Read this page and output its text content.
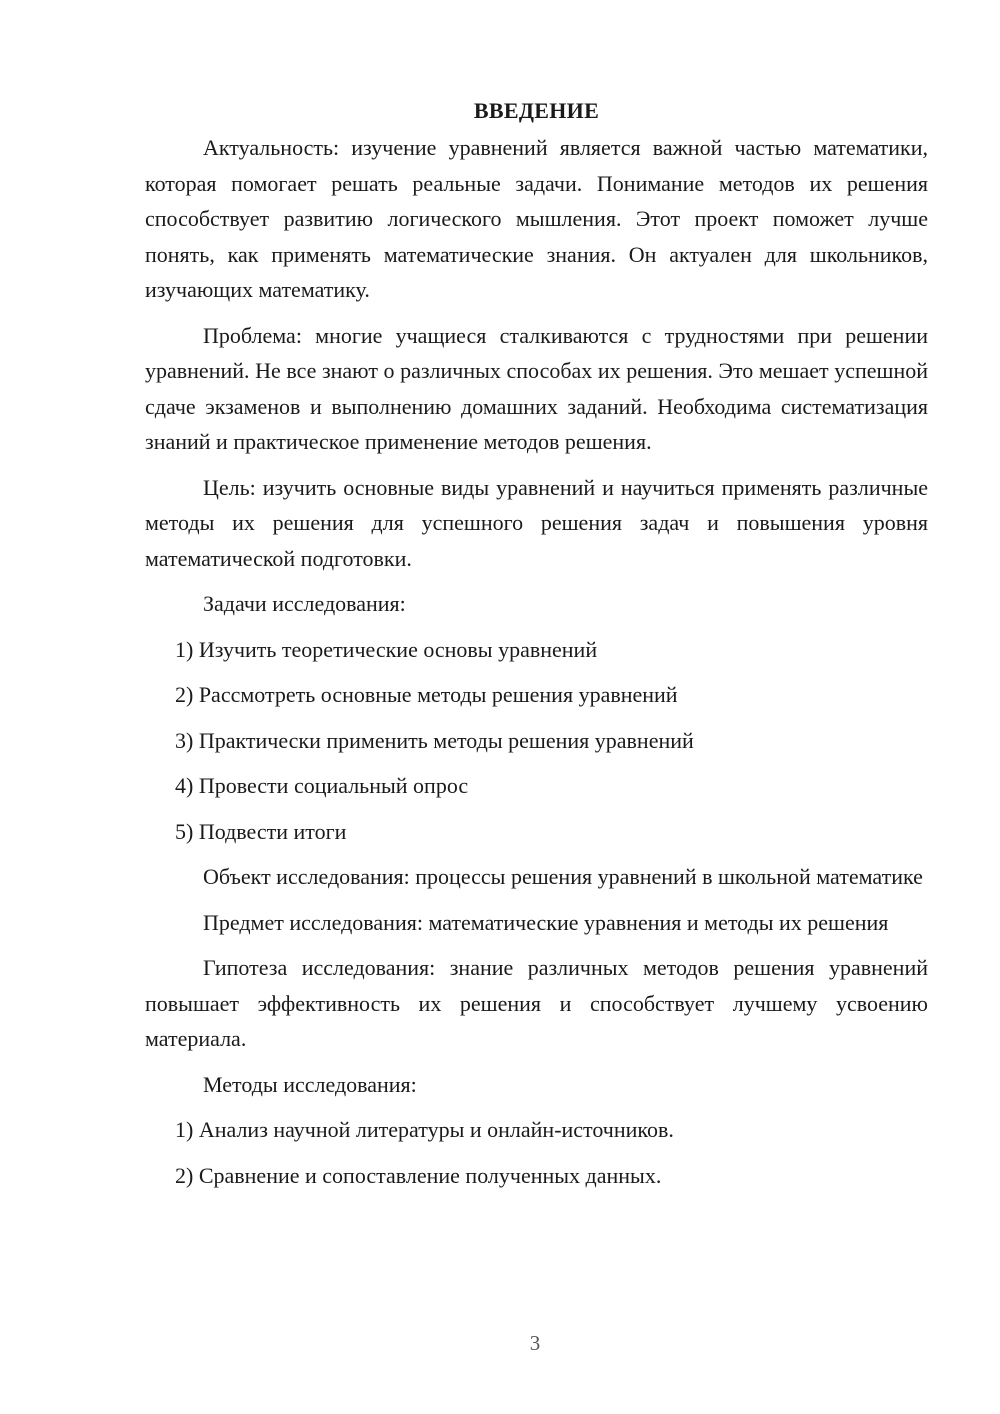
ВВЕДЕНИЕ

Актуальность: изучение уравнений является важной частью математики, которая помогает решать реальные задачи. Понимание методов их решения способствует развитию логического мышления. Этот проект поможет лучше понять, как применять математические знания. Он актуален для школьников, изучающих математику.

Проблема: многие учащиеся сталкиваются с трудностями при решении уравнений. Не все знают о различных способах их решения. Это мешает успешной сдаче экзаменов и выполнению домашних заданий. Необходима систематизация знаний и практическое применение методов решения.

Цель: изучить основные виды уравнений и научиться применять различные методы их решения для успешного решения задач и повышения уровня математической подготовки.

Задачи исследования:
1) Изучить теоретические основы уравнений
2) Рассмотреть основные методы решения уравнений
3) Практически применить методы решения уравнений
4) Провести социальный опрос
5) Подвести итоги

Объект исследования: процессы решения уравнений в школьной математике

Предмет исследования: математические уравнения и методы их решения

Гипотеза исследования: знание различных методов решения уравнений повышает эффективность их решения и способствует лучшему усвоению материала.

Методы исследования:
1) Анализ научной литературы и онлайн-источников.
2) Сравнение и сопоставление полученных данных.
3
